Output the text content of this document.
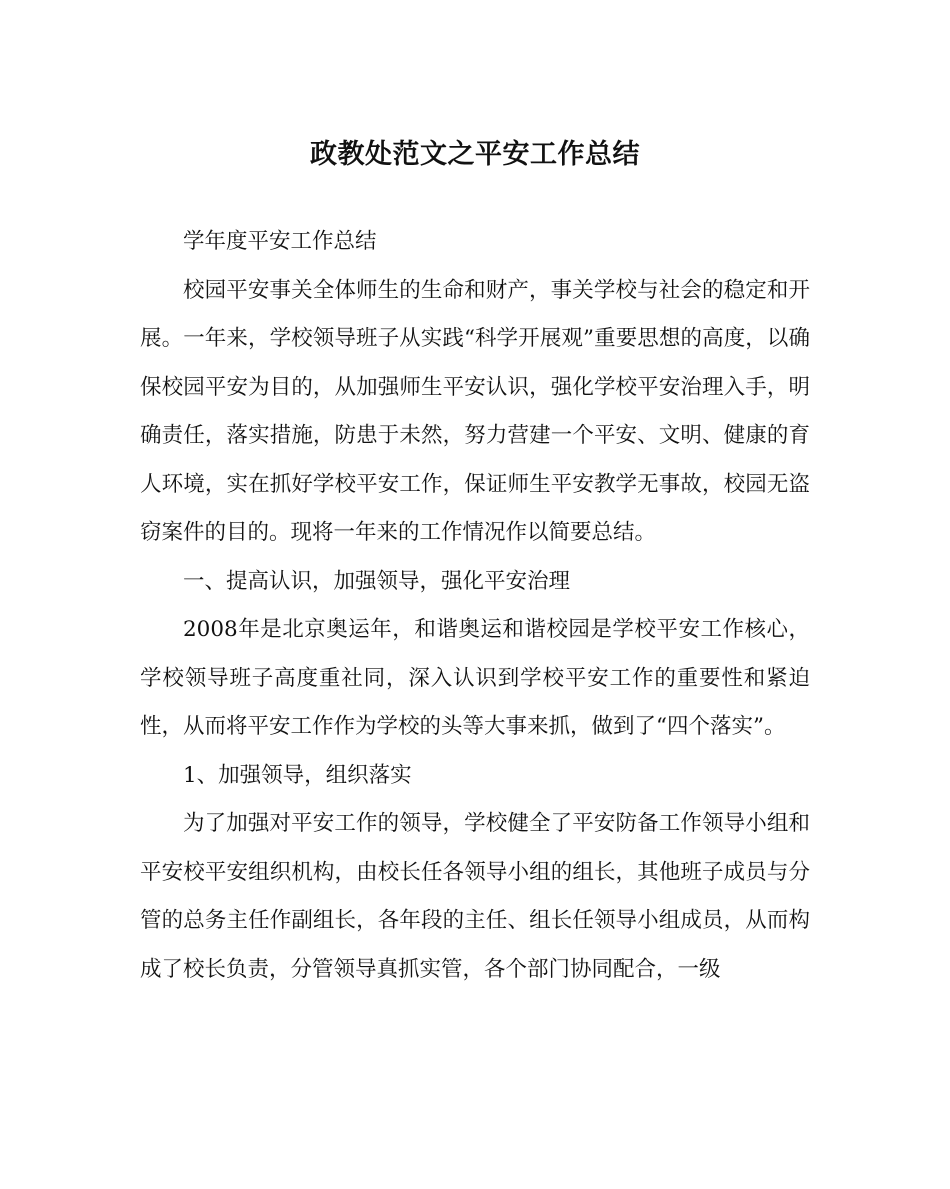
政教处范文之平安工作总结

学年度平安工作总结

校园平安事关全体师生的生命和财产，事关学校与社会的稳定和开展。一年来，学校领导班子从实践“科学开展观”重要思想的高度，以确保校园平安为目的，从加强师生平安认识，强化学校平安治理入手，明确责任，落实措施，防患于未然，努力营建一个平安、文明、健康的育人环境，实在抓好学校平安工作，保证师生平安教学无事故，校园无盗窃案件的目的。现将一年来的工作情况作以简要总结。

一、提高认识，加强领导，强化平安治理

2008年是北京奥运年，和谐奥运和谐校园是学校平安工作核心，学校领导班子高度重社同，深入认识到学校平安工作的重要性和紧迫性，从而将平安工作作为学校的头等大事来抓，做到了“四个落实”。

1、加强领导，组织落实

为了加强对平安工作的领导，学校健全了平安防备工作领导小组和平安校平安组织机构，由校长任各领导小组的组长，其他班子成员与分管的总务主任作副组长，各年段的主任、组长任领导小组成员，从而构成了校长负责，分管领导真抓实管，各个部门协同配合，一级
